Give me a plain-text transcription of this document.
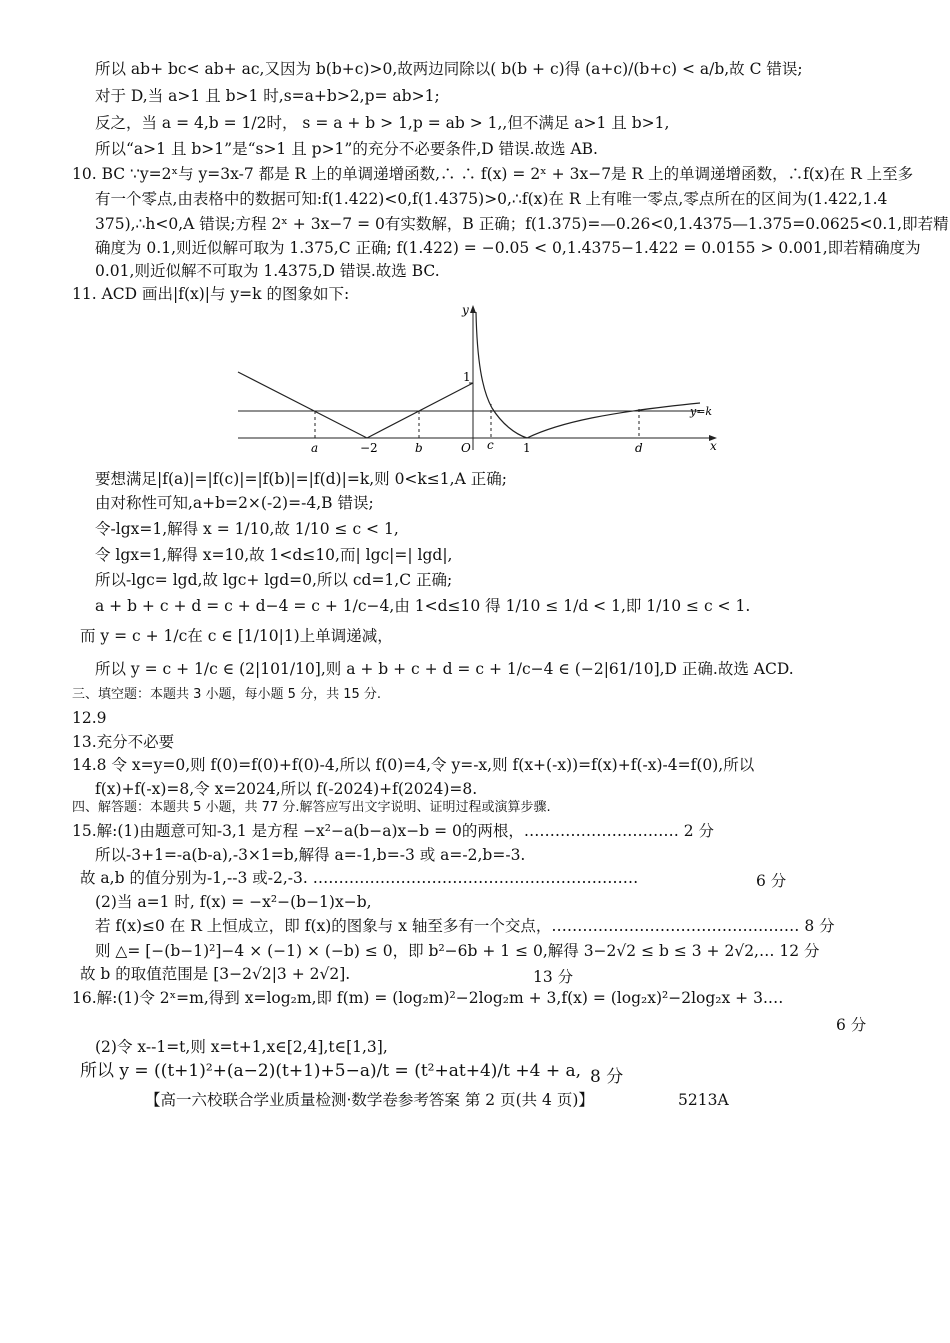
所以 ab+ bc< ab+ ac,又因为 b(b+c)>0,故两边同除以( b(b + c)得 (a+c)/(b+c) < a/b,故 C 错误;
对于 D,当 a>1 且 b>1 时,s=a+b>2,p= ab>1;
反之，当 a = 4,b = 1/2时， s = a + b > 1,p = ab > 1,,但不满足 a>1 且 b>1,
所以“a>1 且 b>1”是“s>1 且 p>1”的充分不必要条件,D 错误.故选 AB.
10. BC ∵y=2ˣ与 y=3x-7 都是 R 上的单调递增函数,∴ ∴ f(x) = 2ˣ + 3x−7是 R 上的单调递增函数，∴f(x)在 R 上至多
有一个零点,由表格中的数据可知:f(1.422)<0,f(1.4375)>0,∴f(x)在 R 上有唯一零点,零点所在的区间为(1.422,1.4
375),∴h<0,A 错误;方程 2ˣ + 3x−7 = 0有实数解，B 正确；f(1.375)=—0.26<0,1.4375—1.375=0.0625<0.1,即若精
确度为 0.1,则近似解可取为 1.375,C 正确; f(1.422) = −0.05 < 0,1.4375−1.422 = 0.0155 > 0.001,即若精确度为
0.01,则近似解不可取为 1.4375,D 错误.故选 BC.
11. ACD 画出|f(x)|与 y=k 的图象如下:
y
x
O
1
y=k
a	−2	b	c 1	d
要想满足|f(a)|=|f(c)|=|f(b)|=|f(d)|=k,则 0<k≤1,A 正确;
由对称性可知,a+b=2×(-2)=-4,B 错误;
令-lgx=1,解得 x = 1/10,故 1/10 ≤ c < 1,
令 lgx=1,解得 x=10,故 1<d≤10,而| lgc|=| lgd|,
所以-lgc= lgd,故 lgc+ lgd=0,所以 cd=1,C 正确;
a + b + c + d = c + d−4 = c + 1/c−4,由 1<d≤10 得 1/10 ≤ 1/d < 1,即 1/10 ≤ c < 1.
而 y = c + 1/c在 c ∈ [1/10|1)上单调递减，
所以 y = c + 1/c ∈ (2|101/10],则 a + b + c + d = c + 1/c−4 ∈ (−2|61/10],D 正确.故选 ACD.
三、填空题：本题共 3 小题，每小题 5 分，共 15 分.
12.9
13.充分不必要
14.8 令 x=y=0,则 f(0)=f(0)+f(0)-4,所以 f(0)=4,令 y=-x,则 f(x+(-x))=f(x)+f(-x)-4=f(0),所以
f(x)+f(-x)=8,令 x=2024,所以 f(-2024)+f(2024)=8.
四、解答题：本题共 5 小题，共 77 分.解答应写出文字说明、证明过程或演算步骤.
15.解:(1)由题意可知-3,1 是方程 −x²−a(b−a)x−b = 0的两根，………………………… 2 分
所以-3+1=-a(b-a),-3×1=b,解得 a=-1,b=-3 或 a=-2,b=-3.
故 a,b 的值分别为-1,--3 或-2,-3. ………………………………………………………	6 分
(2)当 a=1 时, f(x) = −x²−(b−1)x−b,
若 f(x)≤0 在 R 上恒成立，即 f(x)的图象与 x 轴至多有一个交点，………………………………………… 8 分
则 △= [−(b−1)²]−4 × (−1) × (−b) ≤ 0，即 b²−6b + 1 ≤ 0,解得 3−2√2 ≤ b ≤ 3 + 2√2,… 12 分
故 b 的取值范围是 [3−2√2|3 + 2√2].	13 分
16.解:(1)令 2ˣ=m,得到 x=log₂m,即 f(m) = (log₂m)²−2log₂m + 3,f(x) = (log₂x)²−2log₂x + 3.…
6 分
(2)令 x--1=t,则 x=t+1,x∈[2,4],t∈[1,3],
所以 y = ((t+1)²+(a−2)(t+1)+5−a)/t = (t²+at+4)/t +4 + a, 8 分
【高一六校联合学业质量检测·数学卷参考答案 第 2 页(共 4 页)】	5213A
